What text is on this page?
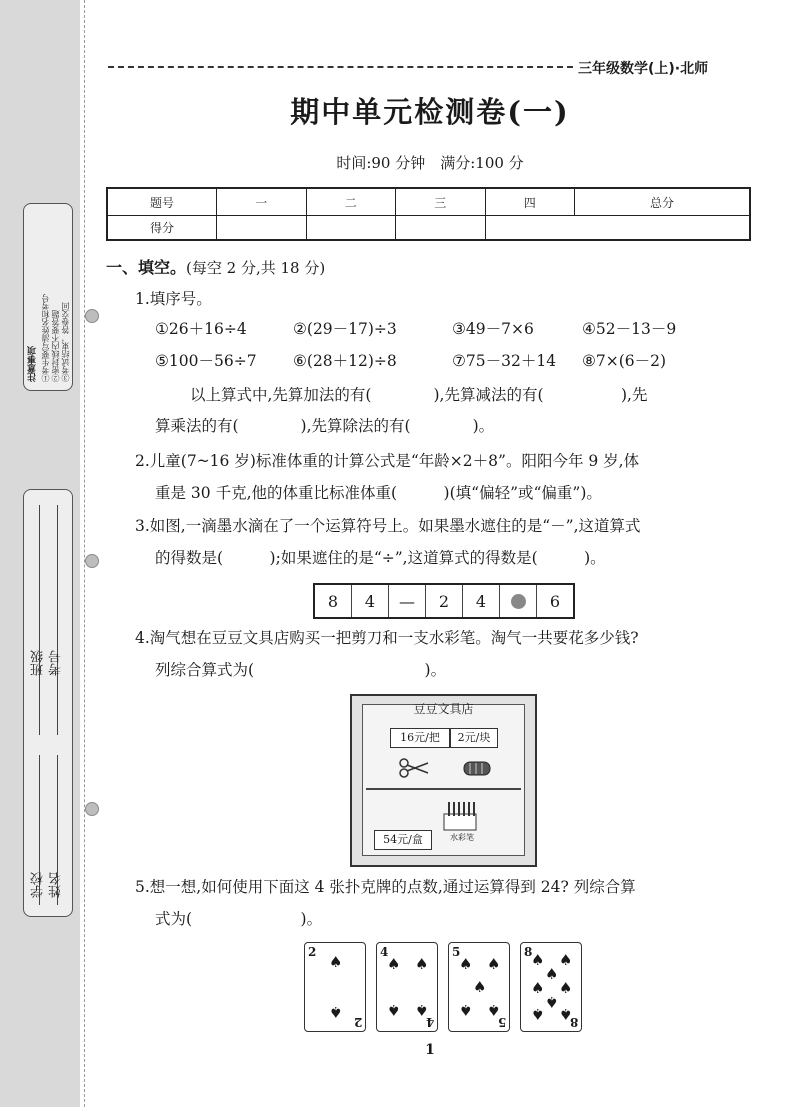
注意事项 ①考生要写清姓名和考号 ②密封线内不要答题 ③考试结束，答卷交回
班级 考号
学校 姓名
三年级数学(上)·北师
期中单元检测卷(一)
时间:90 分钟　满分:100 分
题号	一	二	三	四	总分
得分					
一、填空。(每空 2 分,共 18 分)
1.填序号。
①26＋16÷4	②(29－17)÷3	③49－7×6	④52－13－9
⑤100－56÷7 ⑥(28＋12)÷8	⑦75－32＋14 ⑧7×(6－2)
以上算式中,先算加法的有(　　　　),先算减法的有(　　　　　),先
算乘法的有(　　　　),先算除法的有(　　　　)。
2.儿童(7~16 岁)标准体重的计算公式是“年龄×2＋8”。阳阳今年 9 岁,体
重是 30 千克,他的体重比标准体重(　　　)(填“偏轻”或“偏重”)。
3.如图,一滴墨水滴在了一个运算符号上。如果墨水遮住的是“－”,这道算式
的得数是(　　　);如果遮住的是“÷”,这道算式的得数是(　　　)。
8	4	—	2	4	6
4.淘气想在豆豆文具店购买一把剪刀和一支水彩笔。淘气一共要花多少钱?
列综合算式为(　　　　　　　　　　　)。
豆豆文具店
16元/把	2元/块
54元/盒	水彩笔
5.想一想,如何使用下面这 4 张扑克牌的点数,通过运算得到 24? 列综合算
式为(　　　　　　　)。
2
♠
♠
2
4
♠ ♠
♠ ♠
4
5
♠ ♠
♠
♠ ♠
5
8
♠ ♠
♠
♠ ♠
♠
♠ ♠
8
1
